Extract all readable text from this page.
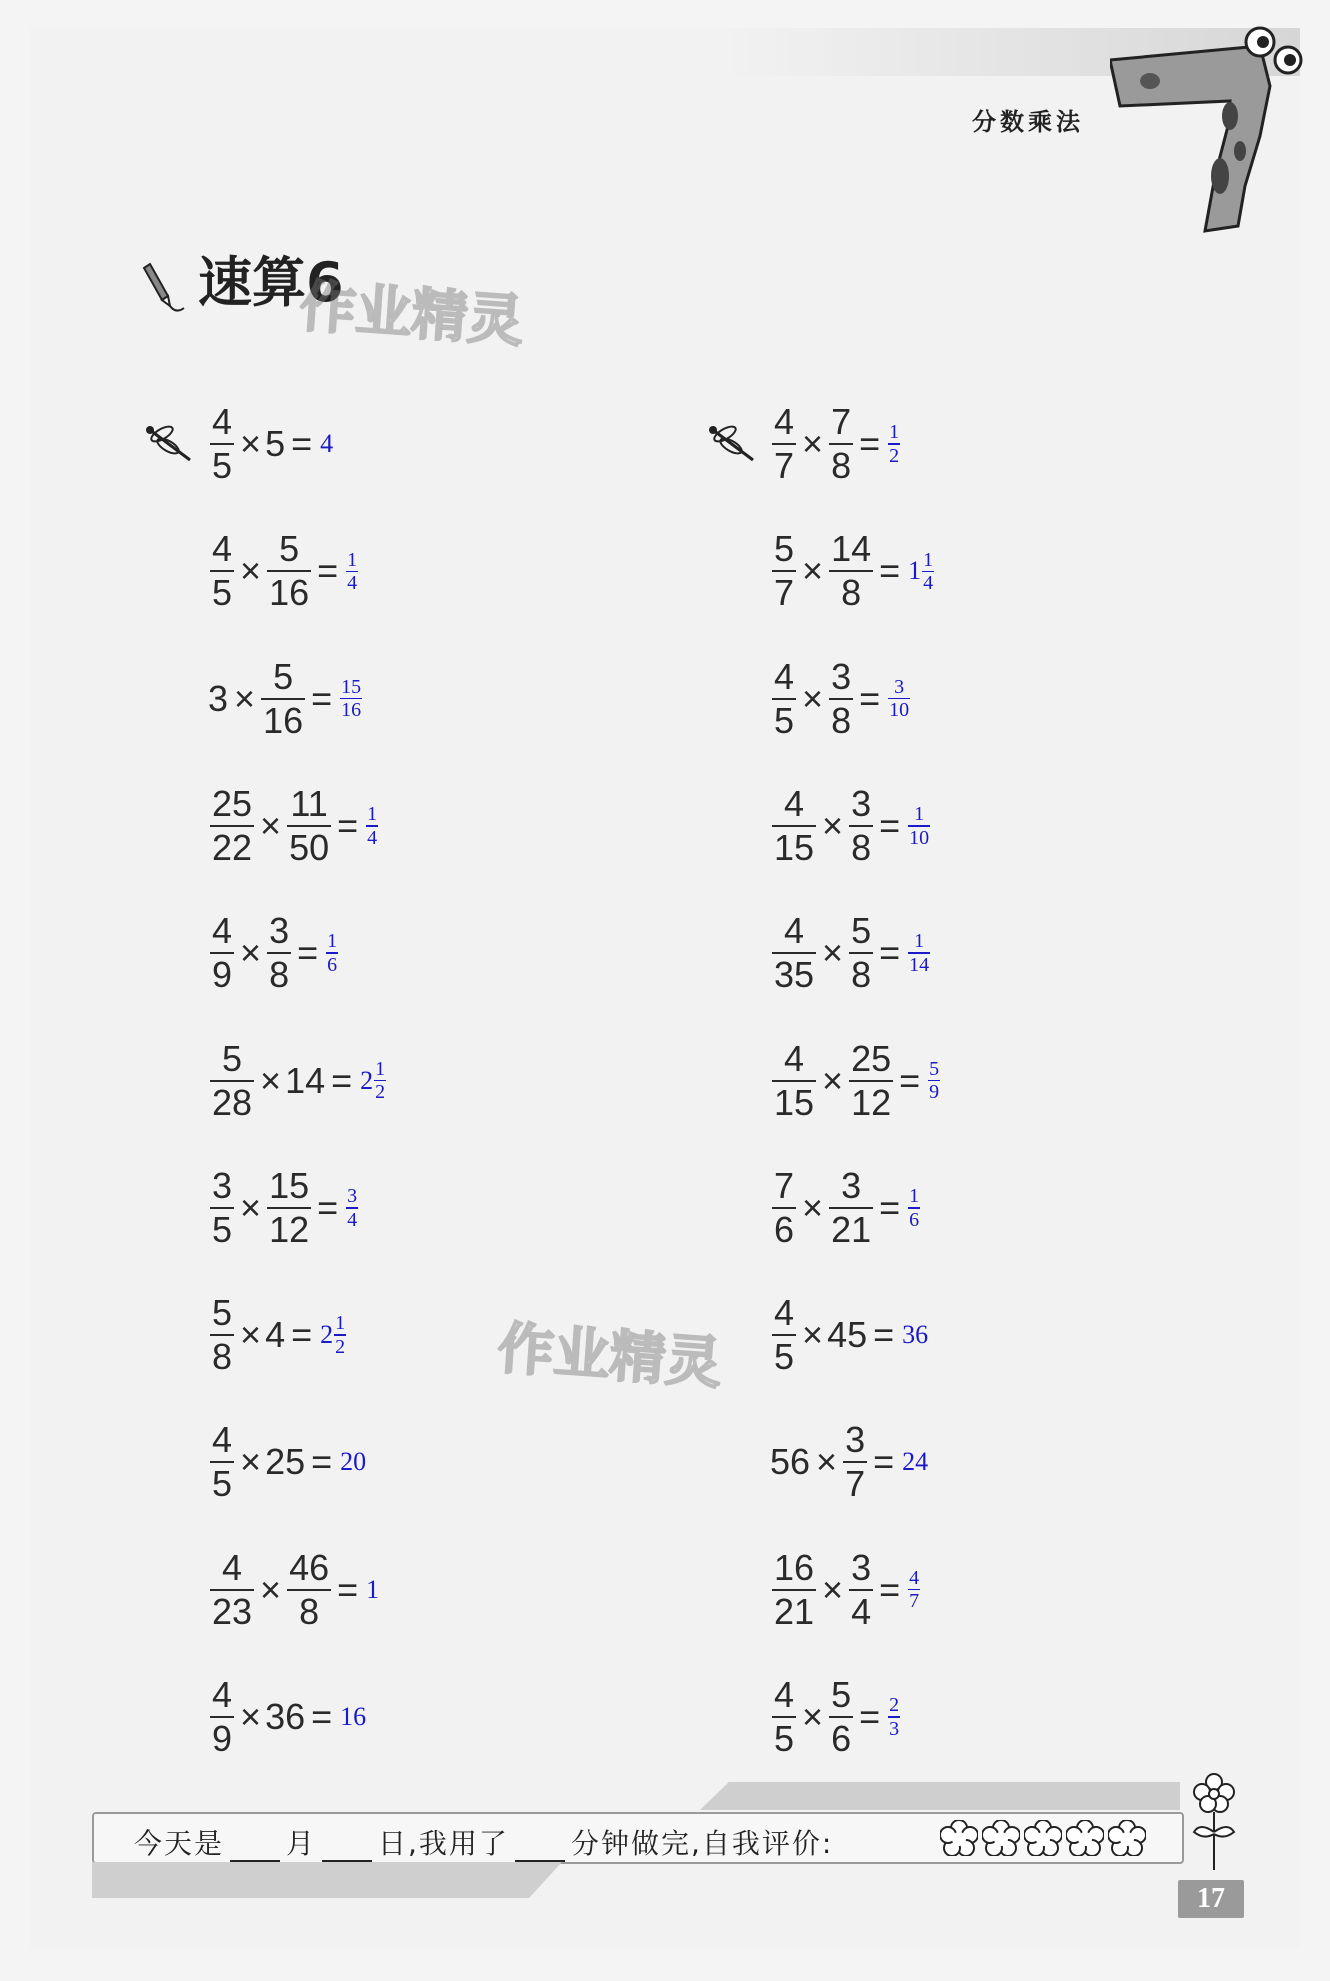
分数乘法
速算6
作业精灵
作业精灵
$\frac{4}{5} \times 5 = 4$
$\frac{4}{5} \times \frac{5}{16} = 1$
4
$3 \times \frac{5}{16} = 15$
16
$\frac{25}{22} \times \frac{11}{50} = 1$
4
$\frac{4}{9} \times \frac{3}{8} = 1$
6
$\frac{5}{28} \times 14 = 2$ 1
2
$\frac{3}{5} \times \frac{15}{12} = 3$
4
$\frac{5}{8} \times 4 = 2$ 1
2
$\frac{4}{5} \times 25 = 20$
$\frac{4}{23} \times \frac{46}{8} = 1$
$\frac{4}{9} \times 36 = 16$
$\frac{4}{7} \times \frac{7}{8} = 1$
2
$\frac{5}{7} \times \frac{14}{8} = 1$ 1
4
$\frac{4}{5} \times \frac{3}{8} = 3$
10
$\frac{4}{15} \times \frac{3}{8} = 1$
10
$\frac{4}{35} \times \frac{5}{8} = 1$
14
$\frac{4}{15} \times \frac{25}{12} = 5$
9
$\frac{7}{6} \times \frac{3}{21} = 1$
6
$\frac{4}{5} \times 45 = 36$
$56 \times \frac{3}{7} = 24$
$\frac{16}{21} \times \frac{3}{4} = 4$
7
$\frac{4}{5} \times \frac{5}{6} = 2$
3
今天是 月 日,我用了 分钟做完,自我评价:
17
